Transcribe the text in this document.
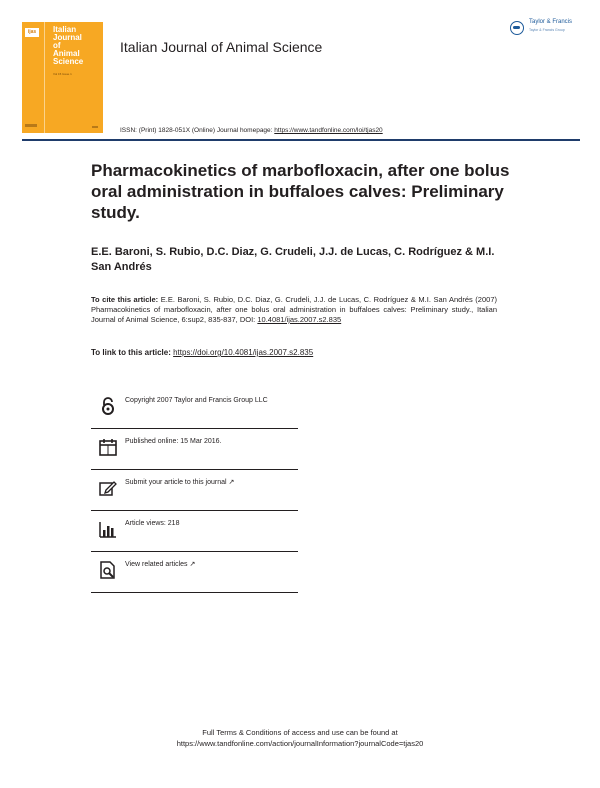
ijas	Italian
Journal
of
Animal
Science
Vol 15 Issue 1
Italian Journal of Animal Science
Taylor & Francis
Taylor & Francis Group
ISSN: (Print) 1828-051X (Online) Journal homepage: https://www.tandfonline.com/loi/tjas20
Pharmacokinetics of marbofloxacin, after one bolus oral administration in buffaloes calves: Preliminary study.
E.E. Baroni, S. Rubio, D.C. Diaz, G. Crudeli, J.J. de Lucas, C. Rodríguez & M.I. San Andrés
To cite this article: E.E. Baroni, S. Rubio, D.C. Diaz, G. Crudeli, J.J. de Lucas, C. Rodríguez & M.I. San Andrés (2007) Pharmacokinetics of marbofloxacin, after one bolus oral administration in buffaloes calves: Preliminary study., Italian Journal of Animal Science, 6:sup2, 835-837, DOI: 10.4081/ijas.2007.s2.835
To link to this article: https://doi.org/10.4081/ijas.2007.s2.835
Copyright 2007 Taylor and Francis Group LLC
Published online: 15 Mar 2016.
Submit your article to this journal ↗
Article views: 218
View related articles ↗
Full Terms & Conditions of access and use can be found at
https://www.tandfonline.com/action/journalInformation?journalCode=tjas20
